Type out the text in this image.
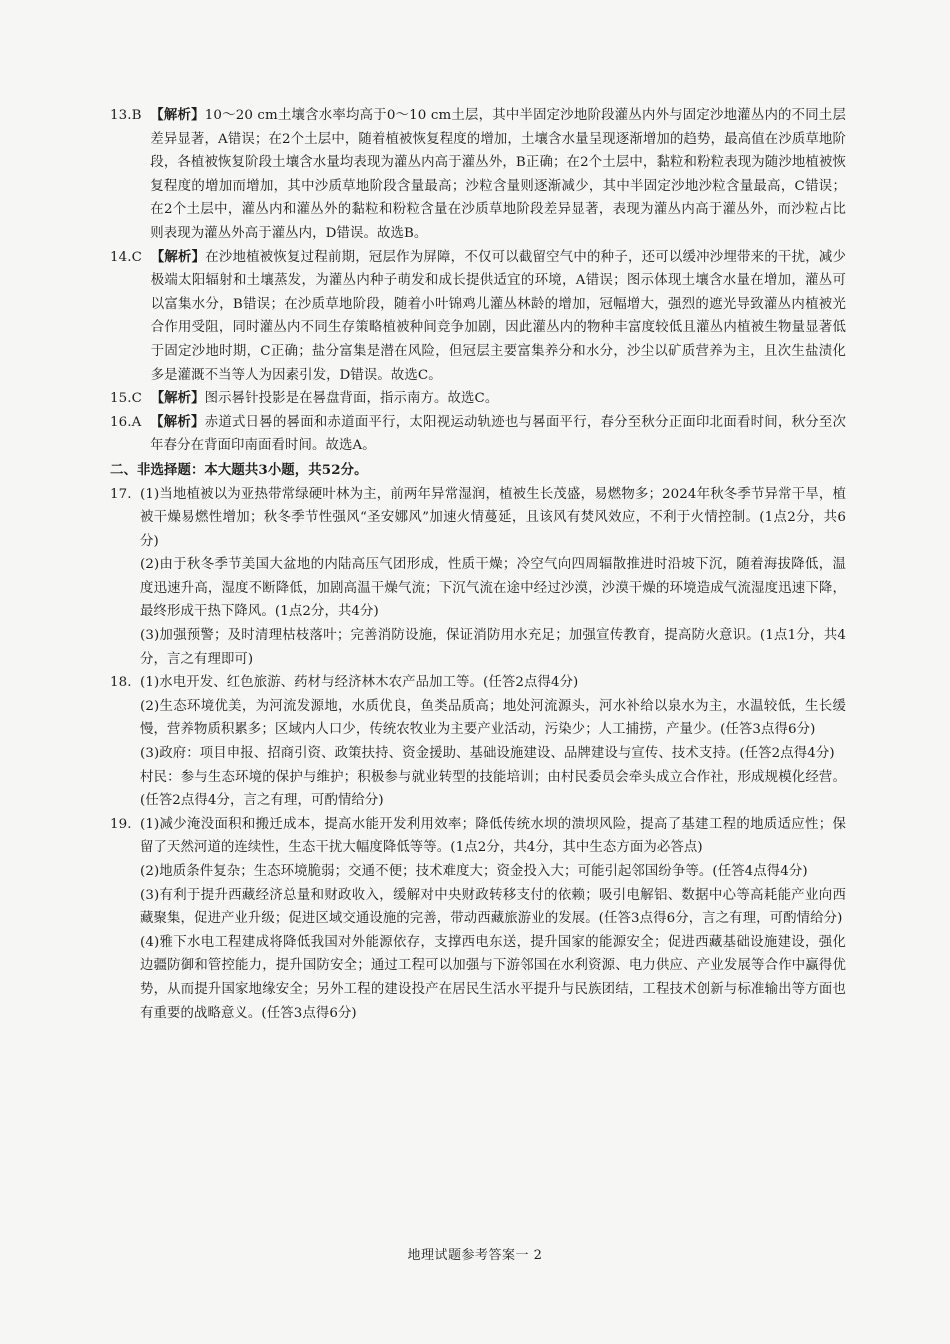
13.B 【解析】10～20 cm土壤含水率均高于0～10 cm土层，其中半固定沙地阶段灌丛内外与固定沙地灌丛内的不同土层差异显著，A错误；在2个土层中，随着植被恢复程度的增加，土壤含水量呈现逐渐增加的趋势，最高值在沙质草地阶段，各植被恢复阶段土壤含水量均表现为灌丛内高于灌丛外，B正确；在2个土层中，黏粒和粉粒表现为随沙地植被恢复程度的增加而增加，其中沙质草地阶段含量最高；沙粒含量则逐渐减少，其中半固定沙地沙粒含量最高，C错误；在2个土层中，灌丛内和灌丛外的黏粒和粉粒含量在沙质草地阶段差异显著，表现为灌丛内高于灌丛外，而沙粒占比则表现为灌丛外高于灌丛内，D错误。故选B。
14.C 【解析】在沙地植被恢复过程前期，冠层作为屏障，不仅可以截留空气中的种子，还可以缓冲沙埋带来的干扰，减少极端太阳辐射和土壤蒸发，为灌丛内种子萌发和成长提供适宜的环境，A错误；图示体现土壤含水量在增加，灌丛可以富集水分，B错误；在沙质草地阶段，随着小叶锦鸡儿灌丛林龄的增加，冠幅增大，强烈的遮光导致灌丛内植被光合作用受阻，同时灌丛内不同生存策略植被种间竞争加剧，因此灌丛内的物种丰富度较低且灌丛内植被生物量显著低于固定沙地时期，C正确；盐分富集是潜在风险，但冠层主要富集养分和水分，沙尘以矿质营养为主，且次生盐渍化多是灌溉不当等人为因素引发，D错误。故选C。
15.C 【解析】图示晷针投影是在晷盘背面，指示南方。故选C。
16.A 【解析】赤道式日晷的晷面和赤道面平行，太阳视运动轨迹也与晷面平行，春分至秋分正面印北面看时间，秋分至次年春分在背面印南面看时间。故选A。
二、非选择题：本大题共3小题，共52分。
17. (1)当地植被以为亚热带常绿硬叶林为主，前两年异常湿润，植被生长茂盛，易燃物多；2024年秋冬季节异常干旱，植被干燥易燃性增加；秋冬季节性强风“圣安娜风”加速火情蔓延，且该风有焚风效应，不利于火情控制。(1点2分，共6分)
(2)由于秋冬季节美国大盆地的内陆高压气团形成，性质干燥；冷空气向四周辐散推进时沿坡下沉，随着海拔降低，温度迅速升高，湿度不断降低，加剧高温干燥气流；下沉气流在途中经过沙漠，沙漠干燥的环境造成气流湿度迅速下降，最终形成干热下降风。(1点2分，共4分)
(3)加强预警；及时清理枯枝落叶；完善消防设施，保证消防用水充足；加强宣传教育，提高防火意识。(1点1分，共4分，言之有理即可)
18. (1)水电开发、红色旅游、药材与经济林木农产品加工等。(任答2点得4分)
(2)生态环境优美，为河流发源地，水质优良，鱼类品质高；地处河流源头，河水补给以泉水为主，水温较低，生长缓慢，营养物质积累多；区域内人口少，传统农牧业为主要产业活动，污染少；人工捕捞，产量少。(任答3点得6分)
(3)政府：项目申报、招商引资、政策扶持、资金援助、基础设施建设、品牌建设与宣传、技术支持。(任答2点得4分)
村民：参与生态环境的保护与维护；积极参与就业转型的技能培训；由村民委员会牵头成立合作社，形成规模化经营。(任答2点得4分，言之有理，可酌情给分)
19. (1)减少淹没面积和搬迁成本，提高水能开发利用效率；降低传统水坝的溃坝风险，提高了基建工程的地质适应性；保留了天然河道的连续性，生态干扰大幅度降低等等。(1点2分，共4分，其中生态方面为必答点)
(2)地质条件复杂；生态环境脆弱；交通不便；技术难度大；资金投入大；可能引起邻国纷争等。(任答4点得4分)
(3)有利于提升西藏经济总量和财政收入，缓解对中央财政转移支付的依赖；吸引电解铝、数据中心等高耗能产业向西藏聚集，促进产业升级；促进区域交通设施的完善，带动西藏旅游业的发展。(任答3点得6分，言之有理，可酌情给分)
(4)雅下水电工程建成将降低我国对外能源依存，支撑西电东送，提升国家的能源安全；促进西藏基础设施建设，强化边疆防御和管控能力，提升国防安全；通过工程可以加强与下游邻国在水利资源、电力供应、产业发展等合作中赢得优势，从而提升国家地缘安全；另外工程的建设投产在居民生活水平提升与民族团结，工程技术创新与标准输出等方面也有重要的战略意义。(任答3点得6分)
地理试题参考答案一 2
